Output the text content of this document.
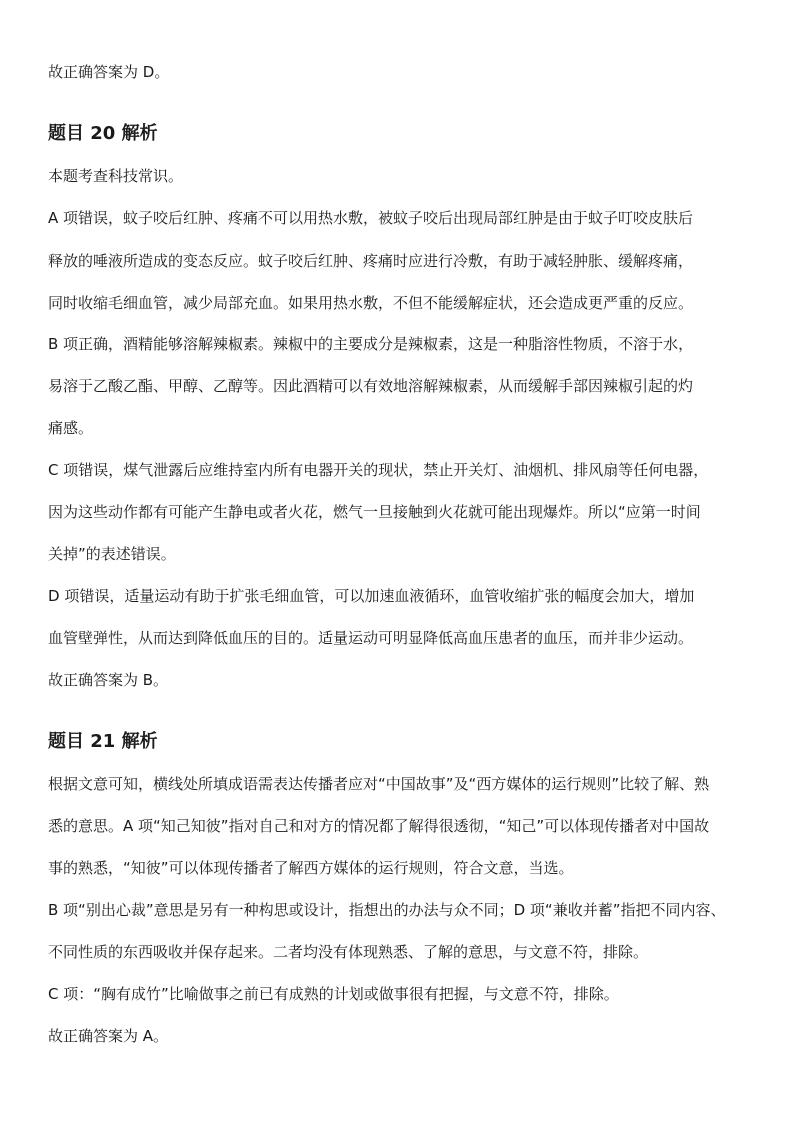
故正确答案为 D。
题目 20 解析
本题考查科技常识。
A 项错误，蚊子咬后红肿、疼痛不可以用热水敷，被蚊子咬后出现局部红肿是由于蚊子叮咬皮肤后
释放的唾液所造成的变态反应。蚊子咬后红肿、疼痛时应进行冷敷，有助于减轻肿胀、缓解疼痛，
同时收缩毛细血管，减少局部充血。如果用热水敷，不但不能缓解症状，还会造成更严重的反应。
B 项正确，酒精能够溶解辣椒素。辣椒中的主要成分是辣椒素，这是一种脂溶性物质，不溶于水，
易溶于乙酸乙酯、甲醇、乙醇等。因此酒精可以有效地溶解辣椒素，从而缓解手部因辣椒引起的灼
痛感。
C 项错误，煤气泄露后应维持室内所有电器开关的现状，禁止开关灯、油烟机、排风扇等任何电器，
因为这些动作都有可能产生静电或者火花，燃气一旦接触到火花就可能出现爆炸。所以“应第一时间
关掉”的表述错误。
D 项错误，适量运动有助于扩张毛细血管，可以加速血液循环，血管收缩扩张的幅度会加大，增加
血管壁弹性，从而达到降低血压的目的。适量运动可明显降低高血压患者的血压，而并非少运动。
故正确答案为 B。
题目 21 解析
根据文意可知，横线处所填成语需表达传播者应对“中国故事”及“西方媒体的运行规则”比较了解、熟
悉的意思。A 项“知己知彼”指对自己和对方的情况都了解得很透彻，“知己”可以体现传播者对中国故
事的熟悉，“知彼”可以体现传播者了解西方媒体的运行规则，符合文意，当选。
B 项“别出心裁”意思是另有一种构思或设计，指想出的办法与众不同；D 项“兼收并蓄”指把不同内容、
不同性质的东西吸收并保存起来。二者均没有体现熟悉、了解的意思，与文意不符，排除。
C 项：“胸有成竹”比喻做事之前已有成熟的计划或做事很有把握，与文意不符，排除。
故正确答案为 A。
